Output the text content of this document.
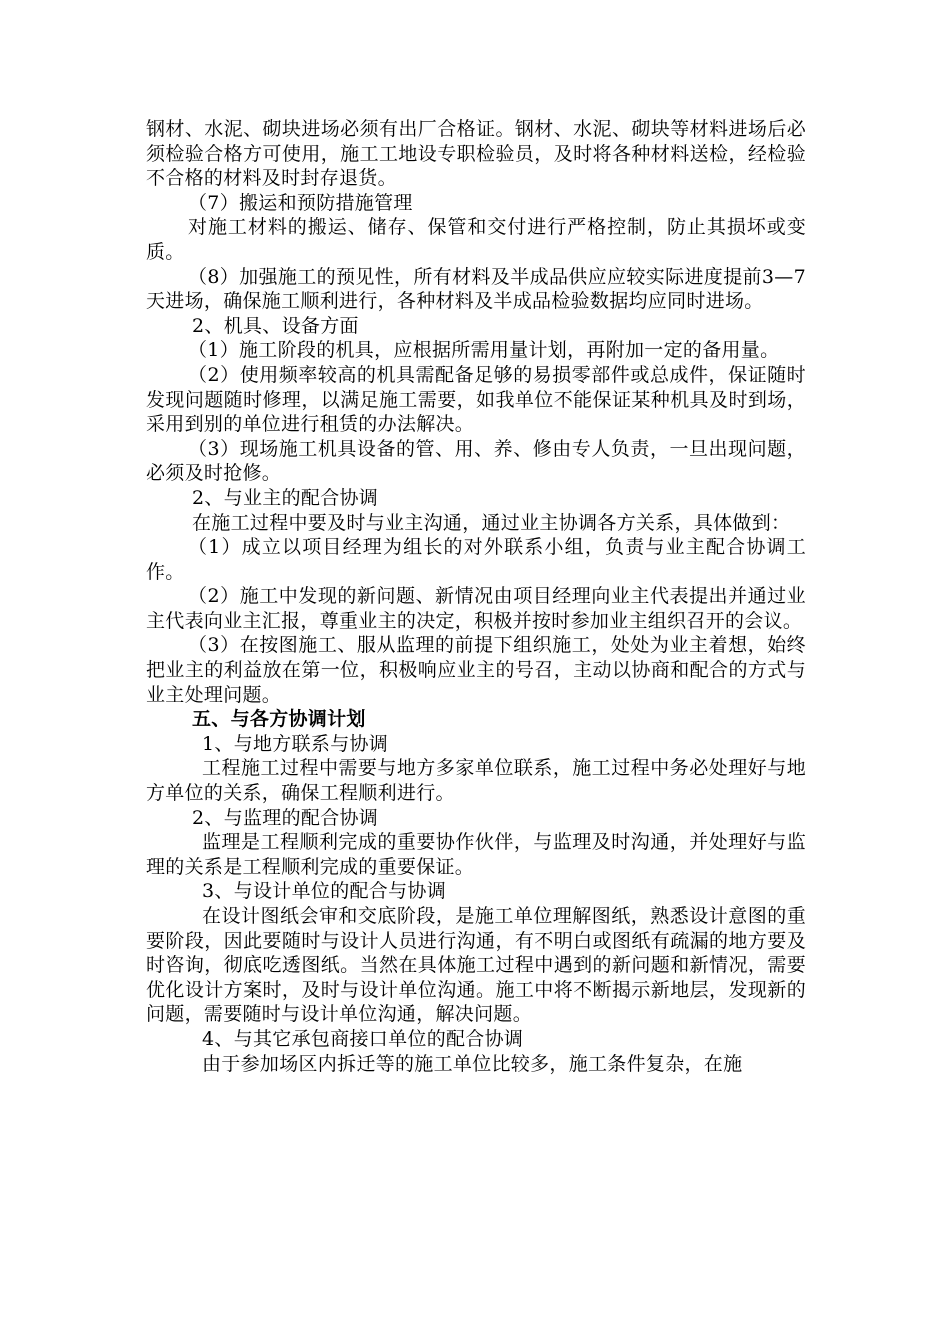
钢材、水泥、砌块进场必须有出厂合格证。钢材、水泥、砌块等材料进场后必须检验合格方可使用，施工工地设专职检验员，及时将各种材料送检，经检验不合格的材料及时封存退货。

（7）搬运和预防措施管理

对施工材料的搬运、储存、保管和交付进行严格控制，防止其损坏或变质。

（8）加强施工的预见性，所有材料及半成品供应应较实际进度提前3—7天进场，确保施工顺利进行，各种材料及半成品检验数据均应同时进场。

2、机具、设备方面

（1）施工阶段的机具，应根据所需用量计划，再附加一定的备用量。

（2）使用频率较高的机具需配备足够的易损零部件或总成件，保证随时发现问题随时修理，以满足施工需要，如我单位不能保证某种机具及时到场，采用到别的单位进行租赁的办法解决。

（3）现场施工机具设备的管、用、养、修由专人负责，一旦出现问题，必须及时抢修。

2、与业主的配合协调

在施工过程中要及时与业主沟通，通过业主协调各方关系，具体做到：

（1）成立以项目经理为组长的对外联系小组，负责与业主配合协调工作。

（2）施工中发现的新问题、新情况由项目经理向业主代表提出并通过业主代表向业主汇报，尊重业主的决定，积极并按时参加业主组织召开的会议。

（3）在按图施工、服从监理的前提下组织施工，处处为业主着想，始终把业主的利益放在第一位，积极响应业主的号召，主动以协商和配合的方式与业主处理问题。

五、与各方协调计划

1、与地方联系与协调

工程施工过程中需要与地方多家单位联系，施工过程中务必处理好与地方单位的关系，确保工程顺利进行。

2、与监理的配合协调

监理是工程顺利完成的重要协作伙伴，与监理及时沟通，并处理好与监理的关系是工程顺利完成的重要保证。

3、与设计单位的配合与协调

在设计图纸会审和交底阶段，是施工单位理解图纸，熟悉设计意图的重要阶段，因此要随时与设计人员进行沟通，有不明白或图纸有疏漏的地方要及时咨询，彻底吃透图纸。当然在具体施工过程中遇到的新问题和新情况，需要优化设计方案时，及时与设计单位沟通。施工中将不断揭示新地层，发现新的问题，需要随时与设计单位沟通，解决问题。

4、与其它承包商接口单位的配合协调

由于参加场区内拆迁等的施工单位比较多，施工条件复杂，在施
